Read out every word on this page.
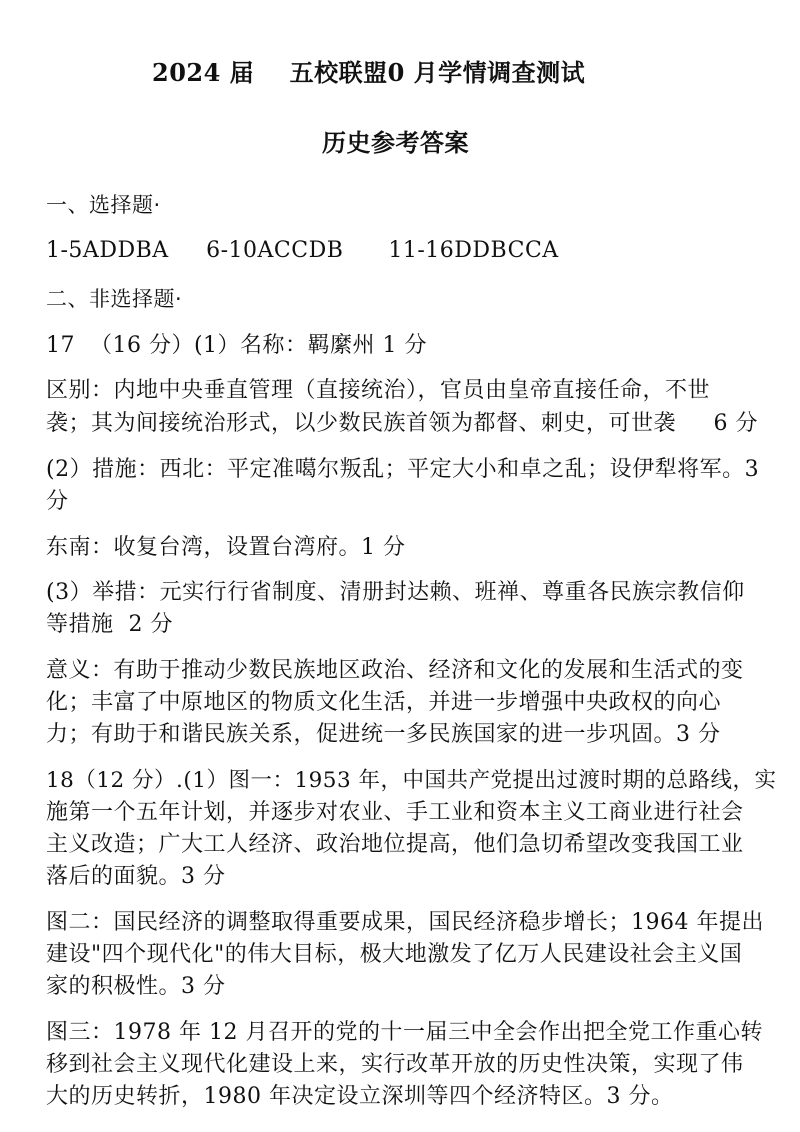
2024 届    五校联盟0 月学情调查测试
历史参考答案
一、选择题·
1-5ADDBA     6-10ACCDB      11-16DDBCCA
二、非选择题·
17  （16 分）(1）名称：羁縻州 1 分
区别：内地中央垂直管理（直接统治），官员由皇帝直接任命，不世
袭；其为间接统治形式，以少数民族首领为都督、刺史，可世袭     6 分
(2）措施：西北：平定准噶尔叛乱；平定大小和卓之乱；设伊犁将军。3
分
东南：收复台湾，设置台湾府。1 分
(3）举措：元实行行省制度、清册封达赖、班禅、尊重各民族宗教信仰
等措施  2 分
意义：有助于推动少数民族地区政治、经济和文化的发展和生活式的变
化；丰富了中原地区的物质文化生活，并进一步增强中央政权的向心
力；有助于和谐民族关系，促进统一多民族国家的进一步巩固。3 分
18（12 分）.(1）图一：1953 年，中国共产党提出过渡时期的总路线，实
施第一个五年计划，并逐步对农业、手工业和资本主义工商业进行社会
主义改造；广大工人经济、政治地位提高，他们急切希望改变我国工业
落后的面貌。3 分
图二：国民经济的调整取得重要成果，国民经济稳步增长；1964 年提出
建设"四个现代化"的伟大目标，极大地激发了亿万人民建设社会主义国
家的积极性。3 分
图三：1978 年 12 月召开的党的十一届三中全会作出把全党工作重心转
移到社会主义现代化建设上来，实行改革开放的历史性决策，实现了伟
大的历史转折，1980 年决定设立深圳等四个经济特区。3 分。
